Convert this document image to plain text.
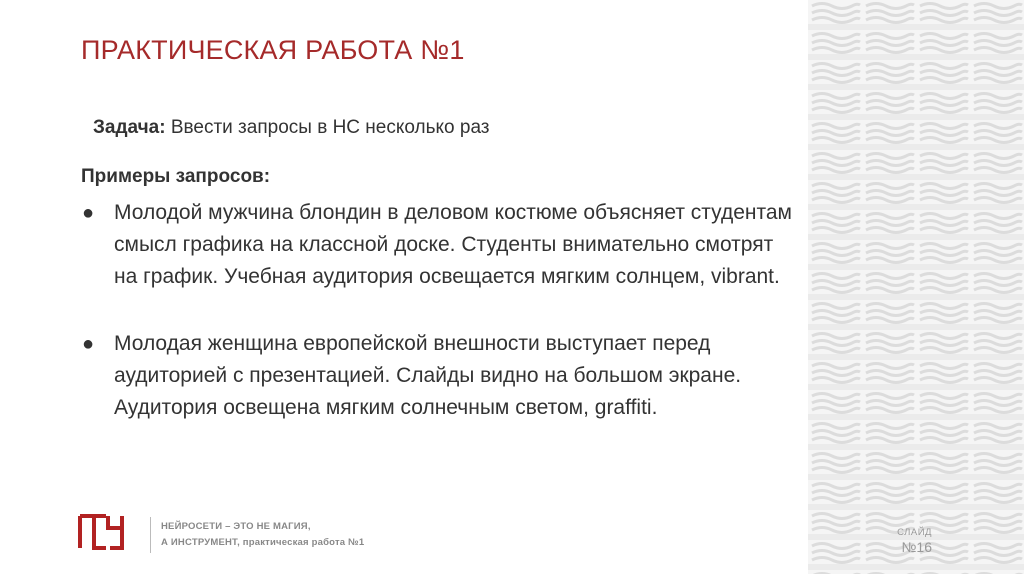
ПРАКТИЧЕСКАЯ РАБОТА №1
Задача: Ввести запросы в НС несколько раз
Примеры запросов:
● Молодой мужчина блондин в деловом костюме объясняет студентам смысл графика на классной доске. Студенты внимательно смотрят на график. Учебная аудитория освещается мягким солнцем, vibrant.
● Молодая женщина европейской внешности выступает перед аудиторией с презентацией. Слайды видно на большом экране. Аудитория освещена мягким солнечным светом, graffiti.
НЕЙРОСЕТИ – ЭТО НЕ МАГИЯ,
А ИНСТРУМЕНТ, практическая работа №1
СЛАЙД
№16
